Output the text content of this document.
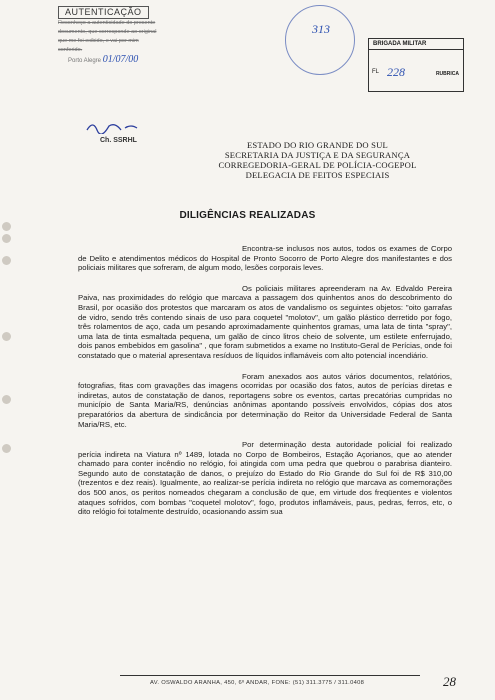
AUTENTICAÇÃO
Reconheço a autenticidade do presente
documento, que corresponde ao original
que me foi exibido, e vai por mim
conferido.
Porto Alegre 01/07/00
Ch. SSRHL
313
BRIGADA MILITAR
FL 228	RUBRICA
ESTADO DO RIO GRANDE DO SUL
SECRETARIA DA JUSTIÇA E DA SEGURANÇA
CORREGEDORIA-GERAL DE POLÍCIA-COGEPOL
DELEGACIA DE FEITOS ESPECIAIS
DILIGÊNCIAS REALIZADAS

Encontra-se inclusos nos autos, todos os exames de Corpo de Delito e atendimentos médicos do Hospital de Pronto Socorro de Porto Alegre dos manifestantes e dos policiais militares que sofreram, de algum modo, lesões corporais leves.

Os policiais militares apreenderam na Av. Edvaldo Pereira Paiva, nas proximidades do relógio que marcava a passagem dos quinhentos anos do descobrimento do Brasil, por ocasião dos protestos que marcaram os atos de vandalismo os seguintes objetos: "oito garrafas de vidro, sendo três contendo sinais de uso para coquetel "molotov", um galão plástico derretido por fogo, três rolamentos de aço, cada um pesando aproximadamente quinhentos gramas, uma lata de tinta "spray", uma lata de tinta esmaltada pequena, um galão de cinco litros cheio de solvente, um estilete enferrujado, dois panos embebidos em gasolina" , que foram submetidos a exame no Instituto-Geral de Perícias, onde foi constatado que o material apresentava resíduos de líquidos inflamáveis com alto potencial incendiário.

Foram anexados aos autos vários documentos, relatórios, fotografias, fitas com gravações das imagens ocorridas por ocasião dos fatos, autos de perícias diretas e indiretas, autos de constatação de danos, reportagens sobre os eventos, cartas precatórias cumpridas no município de Santa Maria/RS, denúncias anônimas apontando possíveis envolvidos, cópias dos atos preparatórios da abertura de sindicância por determinação do Reitor da Universidade Federal de Santa Maria/RS, etc.

Por determinação desta autoridade policial foi realizado perícia indireta na Viatura nº 1489, lotada no Corpo de Bombeiros, Estação Açorianos, que ao atender chamado para conter incêndio no relógio, foi atingida com uma pedra que quebrou o parabrisa dianteiro. Segundo auto de constatação de danos, o prejuízo do Estado do Rio Grande do Sul foi de R$ 310,00 (trezentos e dez reais). Igualmente, ao realizar-se perícia indireta no relógio que marcava as comemorações dos 500 anos, os peritos nomeados chegaram a conclusão de que, em virtude dos freqüentes e violentos ataques sofridos, com bombas "coquetel molotov", fogo, produtos inflamáveis, paus, pedras, ferros, etc, o dito relógio foi totalmente destruído, ocasionando assim sua

AV. OSWALDO ARANHA, 450, 6º ANDAR, FONE: (51) 311.3775 / 311.0408	28
